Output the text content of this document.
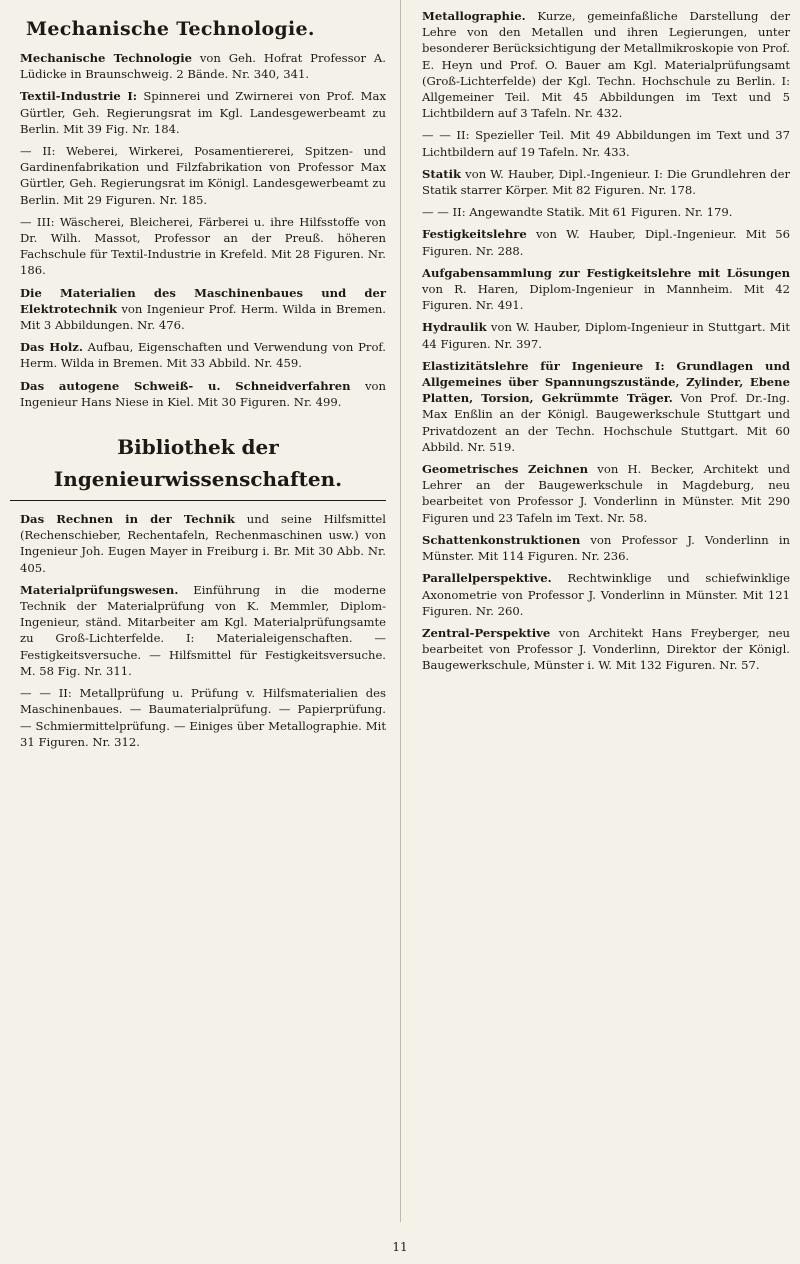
Mechanische Technologie.

Mechanische Technologie von Geh. Hofrat Professor A. Lüdicke in Braunschweig. 2 Bände. Nr. 340, 341.

Textil-Industrie I: Spinnerei und Zwirnerei von Prof. Max Gürtler, Geh. Regierungsrat im Kgl. Landesgewerbeamt zu Berlin. Mit 39 Fig. Nr. 184.

— II: Weberei, Wirkerei, Posamentiererei, Spitzen- und Gardinenfabrikation und Filzfabrikation von Professor Max Gürtler, Geh. Regierungsrat im Königl. Landesgewerbeamt zu Berlin. Mit 29 Figuren. Nr. 185.

— III: Wäscherei, Bleicherei, Färberei u. ihre Hilfsstoffe von Dr. Wilh. Massot, Professor an der Preuß. höheren Fachschule für Textil-Industrie in Krefeld. Mit 28 Figuren. Nr. 186.

Die Materialien des Maschinenbaues und der Elektrotechnik von Ingenieur Prof. Herm. Wilda in Bremen. Mit 3 Abbildungen. Nr. 476.

Das Holz. Aufbau, Eigenschaften und Verwendung von Prof. Herm. Wilda in Bremen. Mit 33 Abbild. Nr. 459.

Das autogene Schweiß- u. Schneidverfahren von Ingenieur Hans Niese in Kiel. Mit 30 Figuren. Nr. 499.

Bibliothek der
Ingenieurwissenschaften.

Das Rechnen in der Technik und seine Hilfsmittel (Rechenschieber, Rechentafeln, Rechenmaschinen usw.) von Ingenieur Joh. Eugen Mayer in Freiburg i. Br. Mit 30 Abb. Nr. 405.

Materialprüfungswesen. Einführung in die moderne Technik der Materialprüfung von K. Memmler, Diplom-Ingenieur, ständ. Mitarbeiter am Kgl. Materialprüfungsamte zu Groß-Lichterfelde. I: Materialeigenschaften. — Festigkeitsversuche. — Hilfsmittel für Festigkeitsversuche. M. 58 Fig. Nr. 311.

— — II: Metallprüfung u. Prüfung v. Hilfsmaterialien des Maschinenbaues. — Baumaterialprüfung. — Papierprüfung. — Schmiermittelprüfung. — Einiges über Metallographie. Mit 31 Figuren. Nr. 312.

Metallographie. Kurze, gemeinfaßliche Darstellung der Lehre von den Metallen und ihren Legierungen, unter besonderer Berücksichtigung der Metallmikroskopie von Prof. E. Heyn und Prof. O. Bauer am Kgl. Materialprüfungsamt (Groß-Lichterfelde) der Kgl. Techn. Hochschule zu Berlin. I: Allgemeiner Teil. Mit 45 Abbildungen im Text und 5 Lichtbildern auf 3 Tafeln. Nr. 432.

— — II: Spezieller Teil. Mit 49 Abbildungen im Text und 37 Lichtbildern auf 19 Tafeln. Nr. 433.

Statik von W. Hauber, Dipl.-Ingenieur. I: Die Grundlehren der Statik starrer Körper. Mit 82 Figuren. Nr. 178.

— — II: Angewandte Statik. Mit 61 Figuren. Nr. 179.

Festigkeitslehre von W. Hauber, Dipl.-Ingenieur. Mit 56 Figuren. Nr. 288.

Aufgabensammlung zur Festigkeitslehre mit Lösungen von R. Haren, Diplom-Ingenieur in Mannheim. Mit 42 Figuren. Nr. 491.

Hydraulik von W. Hauber, Diplom-Ingenieur in Stuttgart. Mit 44 Figuren. Nr. 397.

Elastizitätslehre für Ingenieure I: Grundlagen und Allgemeines über Spannungszustände, Zylinder, Ebene Platten, Torsion, Gekrümmte Träger. Von Prof. Dr.-Ing. Max Enßlin an der Königl. Baugewerkschule Stuttgart und Privatdozent an der Techn. Hochschule Stuttgart. Mit 60 Abbild. Nr. 519.

Geometrisches Zeichnen von H. Becker, Architekt und Lehrer an der Baugewerkschule in Magdeburg, neu bearbeitet von Professor J. Vonderlinn in Münster. Mit 290 Figuren und 23 Tafeln im Text. Nr. 58.

Schattenkonstruktionen von Professor J. Vonderlinn in Münster. Mit 114 Figuren. Nr. 236.

Parallelperspektive. Rechtwinklige und schiefwinklige Axonometrie von Professor J. Vonderlinn in Münster. Mit 121 Figuren. Nr. 260.

Zentral-Perspektive von Architekt Hans Freyberger, neu bearbeitet von Professor J. Vonderlinn, Direktor der Königl. Baugewerkschule, Münster i. W. Mit 132 Figuren. Nr. 57.

11
